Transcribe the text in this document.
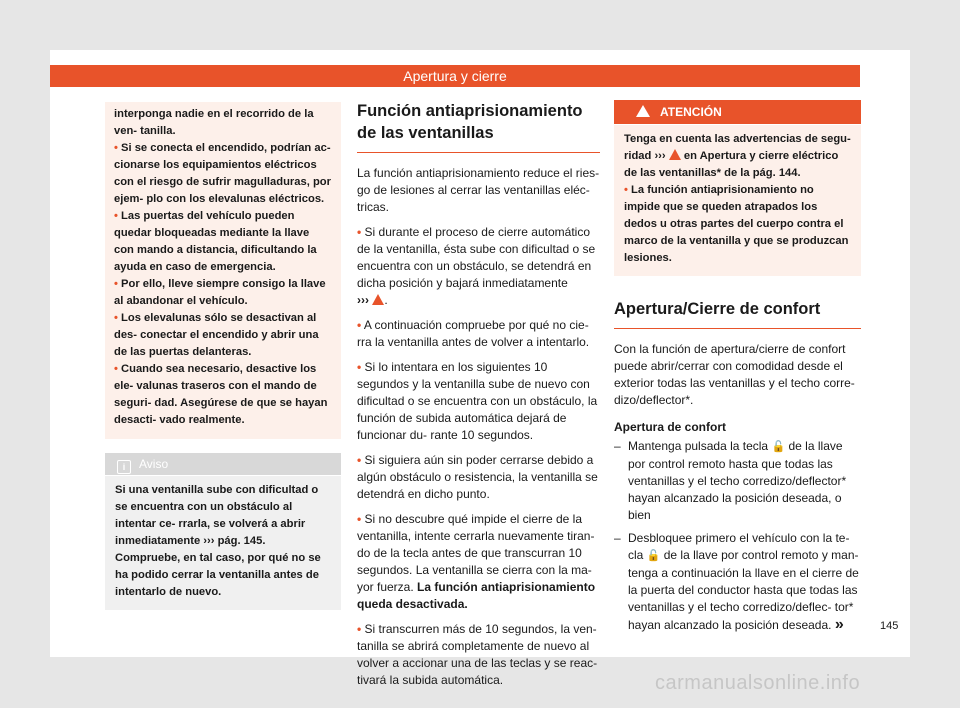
Apertura y cierre

interponga nadie en el recorrido de la ven- tanilla.

• Si se conecta el encendido, podrían ac- cionarse los equipamientos eléctricos con el riesgo de sufrir magulladuras, por ejem- plo con los elevalunas eléctricos.

• Las puertas del vehículo pueden quedar bloqueadas mediante la llave con mando a distancia, dificultando la ayuda en caso de emergencia.

• Por ello, lleve siempre consigo la llave al abandonar el vehículo.

• Los elevalunas sólo se desactivan al des- conectar el encendido y abrir una de las puertas delanteras.

• Cuando sea necesario, desactive los ele- valunas traseros con el mando de seguri- dad. Asegúrese de que se hayan desacti- vado realmente.

i Aviso

Si una ventanilla sube con dificultad o se encuentra con un obstáculo al intentar ce- rrarla, se volverá a abrir inmediatamente ››› pág. 145. Compruebe, en tal caso, por qué no se ha podido cerrar la ventanilla antes de intentarlo de nuevo.

Función antiaprisionamiento de las ventanillas

La función antiaprisionamiento reduce el ries- go de lesiones al cerrar las ventanillas eléc- tricas.

• Si durante el proceso de cierre automático de la ventanilla, ésta sube con dificultad o se encuentra con un obstáculo, se detendrá en dicha posición y bajará inmediatamente
››› .

• A continuación compruebe por qué no cie- rra la ventanilla antes de volver a intentarlo.

• Si lo intentara en los siguientes 10 segundos y la ventanilla sube de nuevo con dificultad o se encuentra con un obstáculo, la función de subida automática dejará de funcionar du- rante 10 segundos.

• Si siguiera aún sin poder cerrarse debido a algún obstáculo o resistencia, la ventanilla se detendrá en dicho punto.

• Si no descubre qué impide el cierre de la ventanilla, intente cerrarla nuevamente tiran- do de la tecla antes de que transcurran 10 segundos. La ventanilla se cierra con la ma- yor fuerza. La función antiaprisionamiento queda desactivada.

• Si transcurren más de 10 segundos, la ven- tanilla se abrirá completamente de nuevo al volver a accionar una de las teclas y se reac- tivará la subida automática.

ATENCIÓN

Tenga en cuenta las advertencias de segu- ridad ››› en Apertura y cierre eléctrico de las ventanillas* de la pág. 144.

• La función antiaprisionamiento no impide que se queden atrapados los dedos u otras partes del cuerpo contra el marco de la ventanilla y que se produzcan lesiones.

Apertura/Cierre de confort

Con la función de apertura/cierre de confort puede abrir/cerrar con comodidad desde el exterior todas las ventanillas y el techo corre- dizo/deflector*.

Apertura de confort
– Mantenga pulsada la tecla 🔓 de la llave por control remoto hasta que todas las ventanillas y el techo corredizo/deflector* hayan alcanzado la posición deseada, o bien
– Desbloquee primero el vehículo con la te- cla 🔓 de la llave por control remoto y man- tenga a continuación la llave en el cierre de la puerta del conductor hasta que todas las ventanillas y el techo corredizo/deflec- tor* hayan alcanzado la posición deseada. »	145
carmanualsonline.info
